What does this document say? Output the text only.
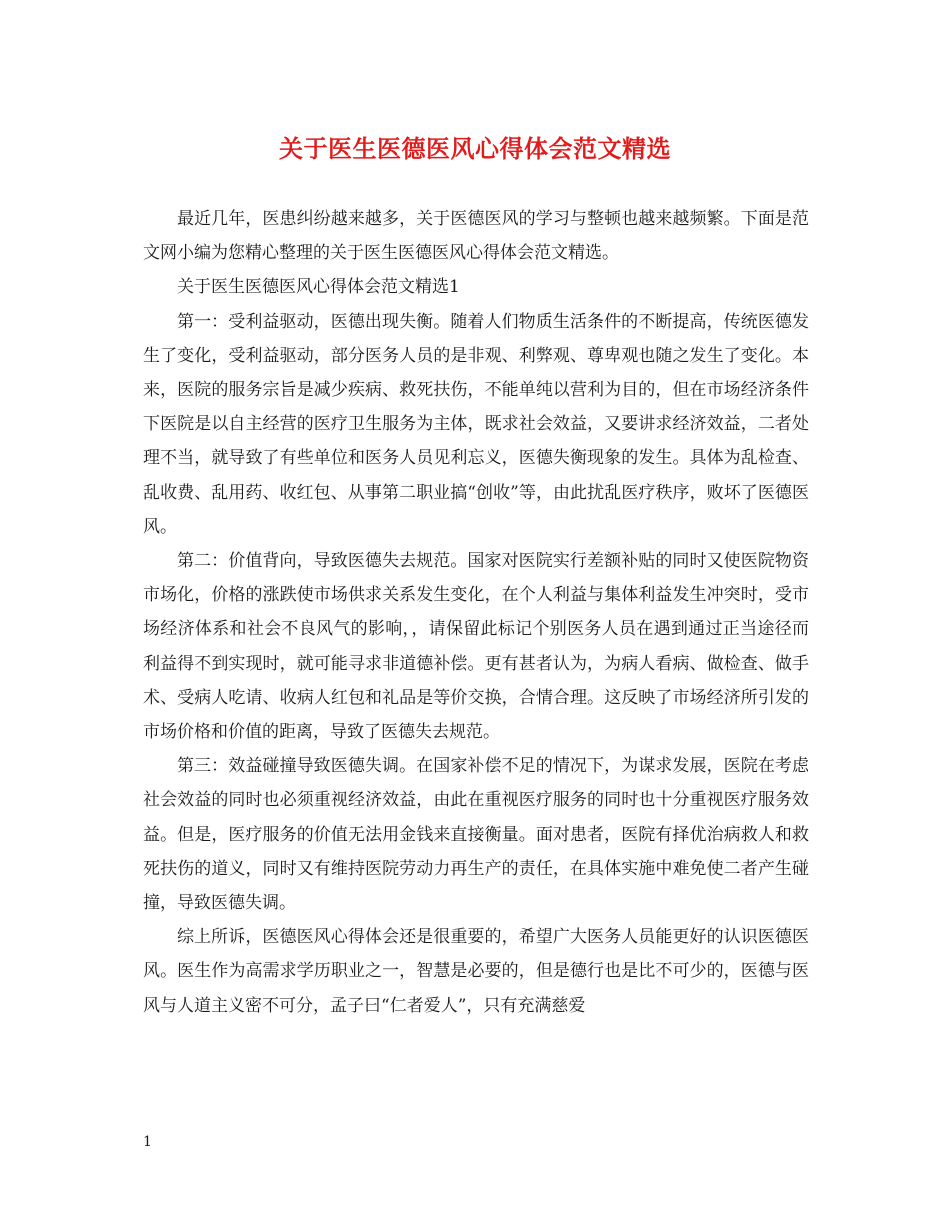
关于医生医德医风心得体会范文精选

最近几年，医患纠纷越来越多，关于医德医风的学习与整顿也越来越频繁。下面是范文网小编为您精心整理的关于医生医德医风心得体会范文精选。

关于医生医德医风心得体会范文精选1

第一：受利益驱动，医德出现失衡。随着人们物质生活条件的不断提高，传统医德发生了变化，受利益驱动，部分医务人员的是非观、利弊观、尊卑观也随之发生了变化。本来，医院的服务宗旨是减少疾病、救死扶伤，不能单纯以营利为目的，但在市场经济条件下医院是以自主经营的医疗卫生服务为主体，既求社会效益，又要讲求经济效益，二者处理不当，就导致了有些单位和医务人员见利忘义，医德失衡现象的发生。具体为乱检查、乱收费、乱用药、收红包、从事第二职业搞“创收”等，由此扰乱医疗秩序，败坏了医德医风。

第二：价值背向，导致医德失去规范。国家对医院实行差额补贴的同时又使医院物资市场化，价格的涨跌使市场供求关系发生变化，在个人利益与集体利益发生冲突时，受市场经济体系和社会不良风气的影响，，请保留此标记个别医务人员在遇到通过正当途径而利益得不到实现时，就可能寻求非道德补偿。更有甚者认为，为病人看病、做检查、做手术、受病人吃请、收病人红包和礼品是等价交换，合情合理。这反映了市场经济所引发的市场价格和价值的距离，导致了医德失去规范。

第三：效益碰撞导致医德失调。在国家补偿不足的情况下，为谋求发展，医院在考虑社会效益的同时也必须重视经济效益，由此在重视医疗服务的同时也十分重视医疗服务效益。但是，医疗服务的价值无法用金钱来直接衡量。面对患者，医院有择优治病救人和救死扶伤的道义，同时又有维持医院劳动力再生产的责任，在具体实施中难免使二者产生碰撞，导致医德失调。

综上所诉，医德医风心得体会还是很重要的，希望广大医务人员能更好的认识医德医风。医生作为高需求学历职业之一，智慧是必要的，但是德行也是比不可少的，医德与医风与人道主义密不可分，孟子曰“仁者爱人”，只有充满慈爱

1
